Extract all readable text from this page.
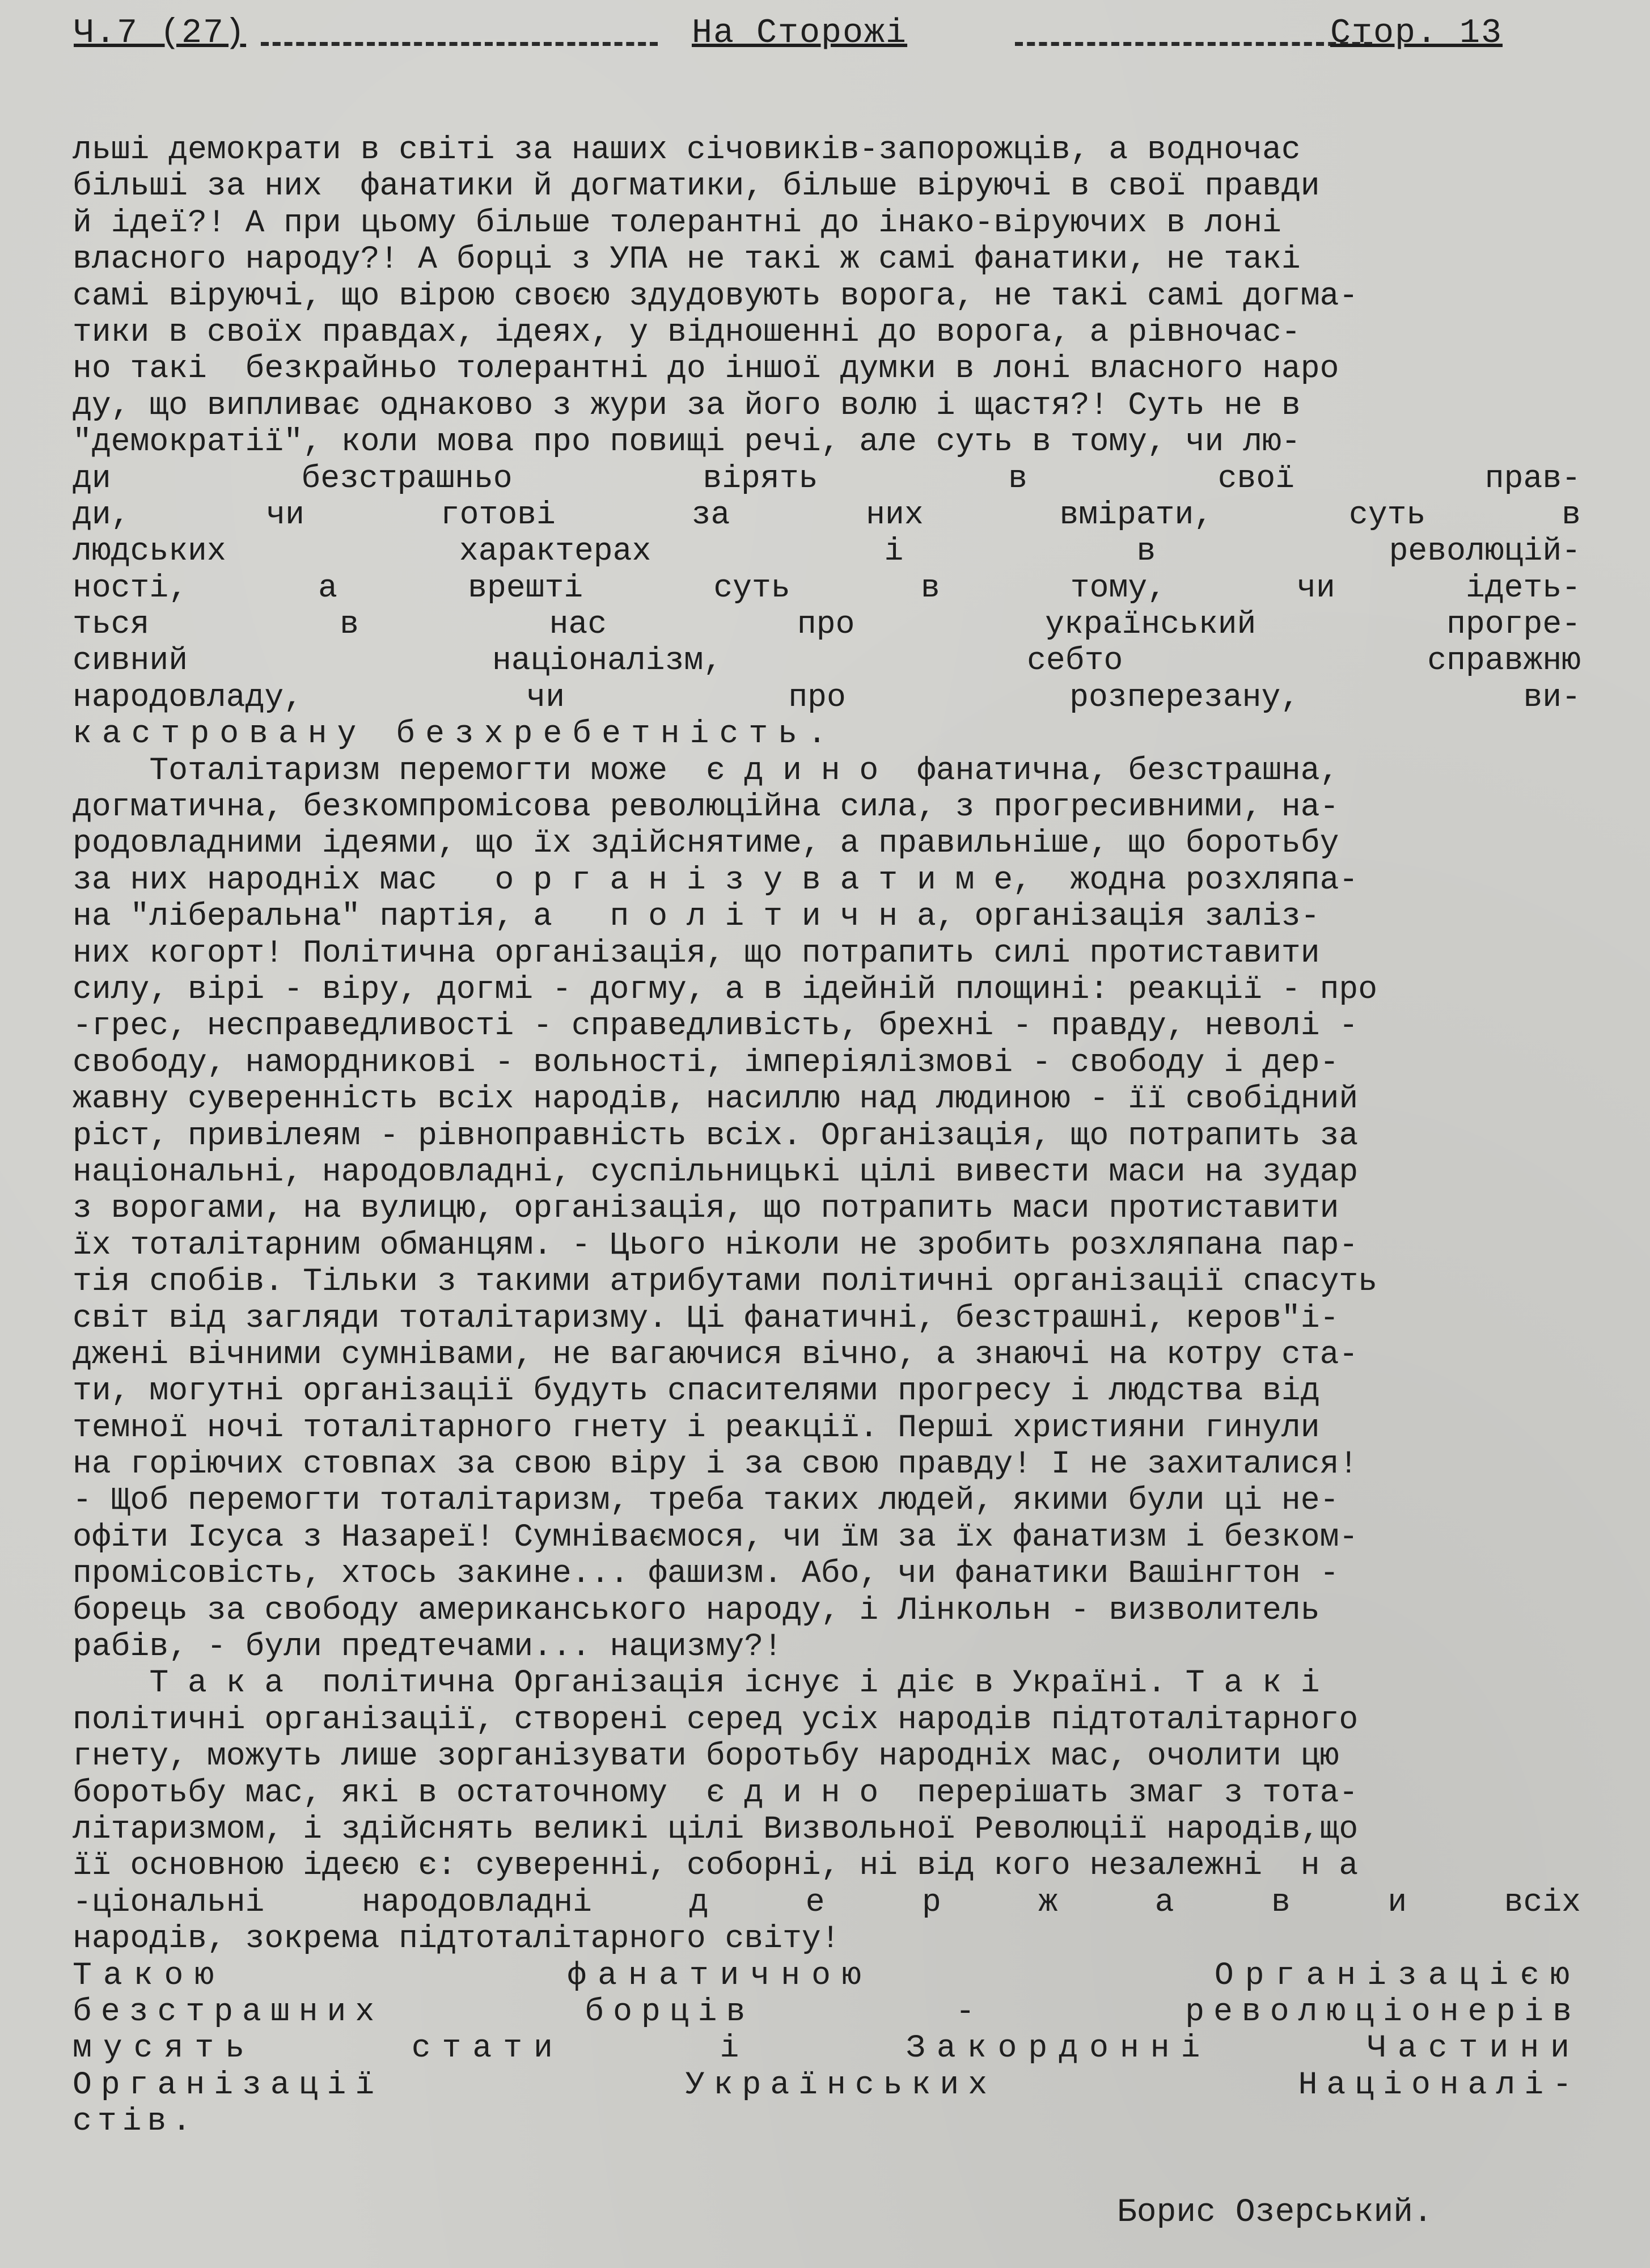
Ч.7 (27)	На Сторожі	Стор. 13
льші демократи в світі за наших січовиків-запорожців, а водночас
більші за них  фанатики й догматики, більше віруючі в свої правди
й ідеї?! А при цьому більше толерантні до інако-віруючих в лоні
власного народу?! А борці з УПА не такі ж самі фанатики, не такі
самі віруючі, що вірою своєю здудовують ворога, не такі самі догма-
тики в своїх правдах, ідеях, у відношенні до ворога, а рівночас-
но такі  безкрайньо толерантні до іншої думки в лоні власного наро
ду, що випливає однаково з жури за його волю і щастя?! Суть не в
"демократії", коли мова про повищі речі, але суть в тому, чи лю-
ди безстрашньо вірять в свої прав-
ди, чи готові за них вмірати, суть в
людських характерах і в революцій-
ності, а врешті суть в тому, чи ідеть-
ться в нас про український прогре-
сивний націоналізм, себто справжню
народовладу, чи про розперезану, ви-
кастровану безхребетність.
Тоталітаризм перемогти може  є д и н о  фанатична, безстрашна,
догматична, безкомпромісова революційна сила, з прогресивними, на-
родовладними ідеями, що їх здійснятиме, а правильніше, що боротьбу
за них народніх мас   о р г а н і з у в а т и м е,  жодна розхляпа-
на "ліберальна" партія, а   п о л і т и ч н а, організація заліз-
них когорт! Політична організація, що потрапить силі протиставити
силу, вірі - віру, догмі - догму, а в ідейній площині: реакції - про
-грес, несправедливості - справедливість, брехні - правду, неволі -
свободу, намордникові - вольності, імперіялізмові - свободу і дер-
жавну суверенність всіх народів, насиллю над людиною - її свобідний
ріст, привілеям - рівноправність всіх. Організація, що потрапить за
національні, народовладні, суспільницькі цілі вивести маси на зудар
з ворогами, на вулицю, організація, що потрапить маси протиставити
їх тоталітарним обманцям. - Цього ніколи не зробить розхляпана пар-
тія спобів. Тільки з такими атрибутами політичні організації спасуть
світ від загляди тоталітаризму. Ці фанатичні, безстрашні, керов"і-
джені вічними сумнівами, не вагаючися вічно, а знаючі на котру ста-
ти, могутні організації будуть спасителями прогресу і людства від
темної ночі тоталітарного гнету і реакції. Перші християни гинули
на горіючих стовпах за свою віру і за свою правду! І не захиталися!
- Щоб перемогти тоталітаризм, треба таких людей, якими були ці не-
офіти Ісуса з Назареї! Сумніваємося, чи їм за їх фанатизм і безком-
промісовість, хтось закине... фашизм. Або, чи фанатики Вашінгтон -
борець за свободу американського народу, і Лінкольн - визволитель
рабів, - були предтечами... нацизму?!
Т а к а  політична Організація існує і діє в Україні. Т а к і
політичні організації, створені серед усіх народів підтоталітарного
гнету, можуть лише зорганізувати боротьбу народніх мас, очолити цю
боротьбу мас, які в остаточному  є д и н о  перерішать змаг з тота-
літаризмом, і здійснять великі цілі Визвольної Революції народів,що
її основною ідеєю є: суверенні, соборні, ні від кого незалежні  н а
-ціональні народовладні д е р ж а в и всіх
народів, зокрема підтоталітарного світу!
Такою фанатичною Організацією
безстрашних борців - революціонерів
мусять стати і Закордонні Частини
Організації Українських Націоналі-
стів.
Борис Озерський.
